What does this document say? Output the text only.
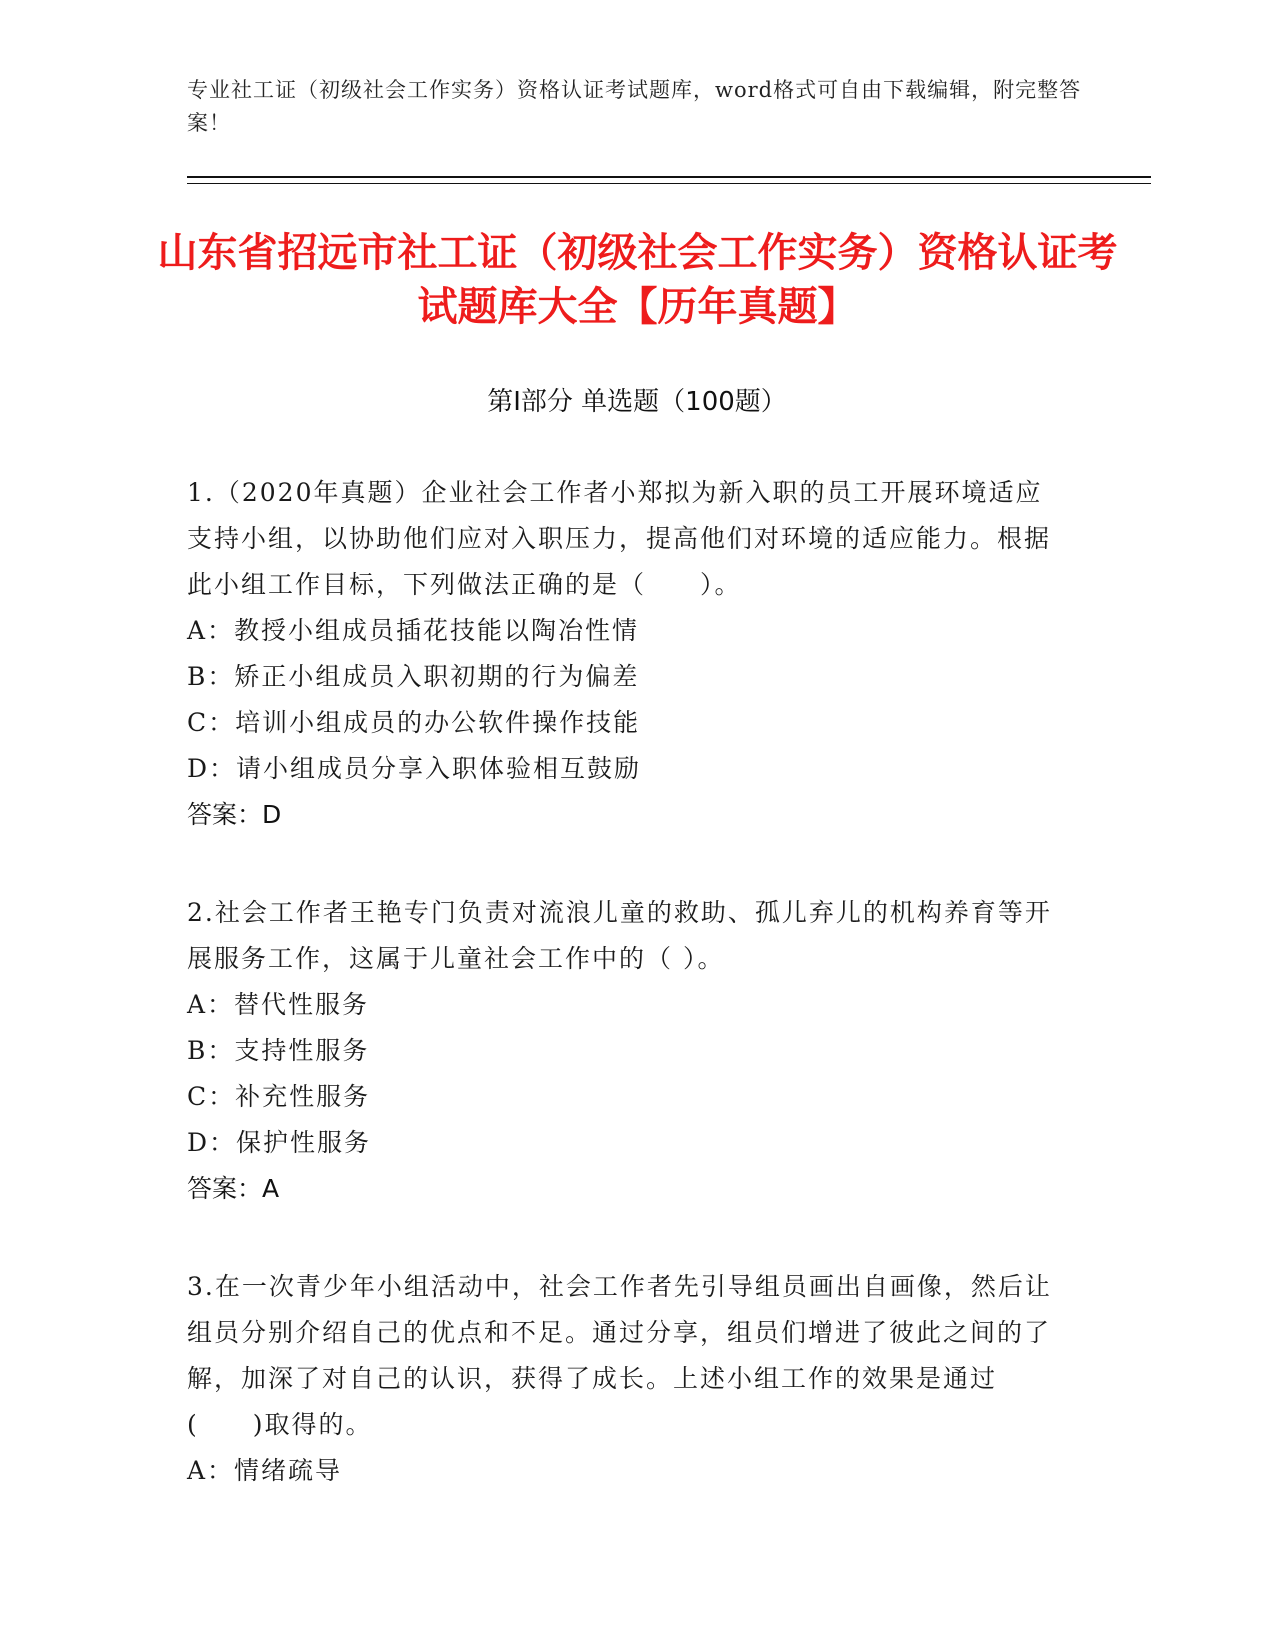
专业社工证（初级社会工作实务）资格认证考试题库，word格式可自由下载编辑，附完整答案！
山东省招远市社工证（初级社会工作实务）资格认证考试题库大全【历年真题】
第I部分 单选题（100题）
1.（2020年真题）企业社会工作者小郑拟为新入职的员工开展环境适应支持小组，以协助他们应对入职压力，提高他们对环境的适应能力。根据此小组工作目标，下列做法正确的是（　　）。
A：教授小组成员插花技能以陶冶性情
B：矫正小组成员入职初期的行为偏差
C：培训小组成员的办公软件操作技能
D：请小组成员分享入职体验相互鼓励
答案：D
2.社会工作者王艳专门负责对流浪儿童的救助、孤儿弃儿的机构养育等开展服务工作，这属于儿童社会工作中的（ ）。
A：替代性服务
B：支持性服务
C：补充性服务
D：保护性服务
答案：A
3.在一次青少年小组活动中，社会工作者先引导组员画出自画像，然后让组员分别介绍自己的优点和不足。通过分享，组员们增进了彼此之间的了解，加深了对自己的认识，获得了成长。上述小组工作的效果是通过(　　)取得的。
A：情绪疏导
